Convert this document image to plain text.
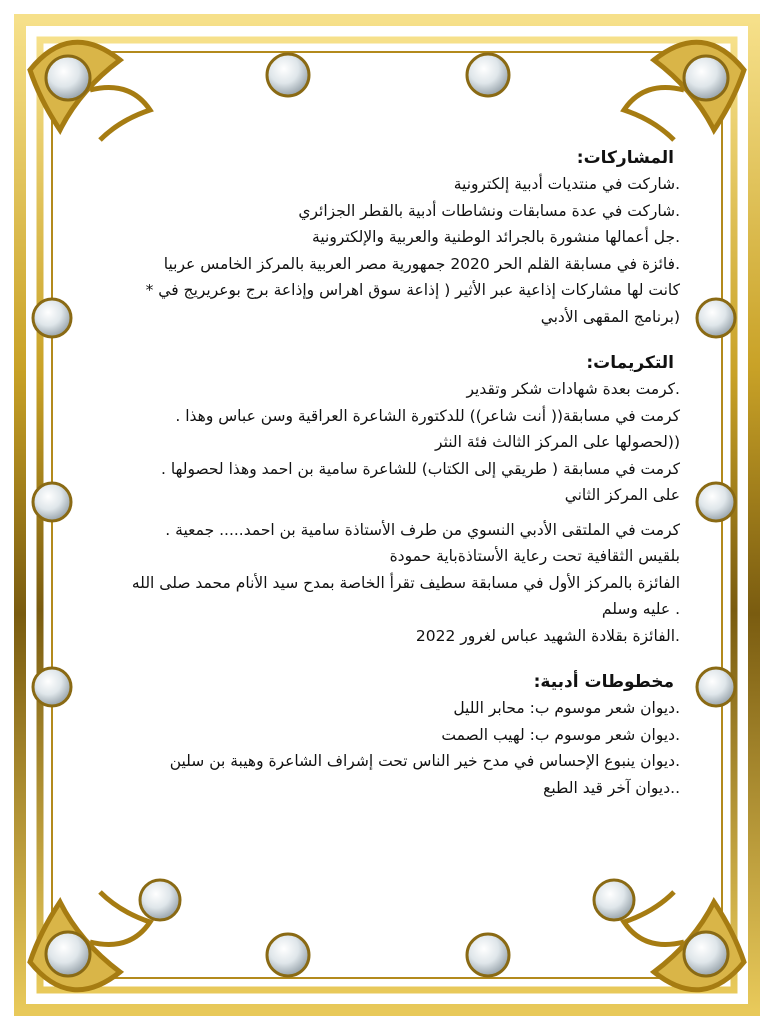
المشاركات:

.شاركت في منتديات أدبية إلكترونية

.شاركت في عدة مسابقات ونشاطات أدبية بالقطر الجزائري

.جل أعمالها منشورة بالجرائد الوطنية والعربية والإلكترونية

.فائزة في مسابقة القلم الحر 2020 جمهورية مصر العربية بالمركز الخامس عربيا

كانت لها مشاركات إذاعية عبر الأثير ( إذاعة سوق اهراس وإذاعة برج بوعريريج في *

(برنامج المقهى الأدبي

التكريمات:

.كرمت بعدة شهادات شكر وتقدير

كرمت في مسابقة(( أنت شاعر)) للدكتورة الشاعرة العراقية وسن عباس وهذا .

((لحصولها على المركز الثالث فئة النثر

كرمت في مسابقة ( طريقي إلى الكتاب) للشاعرة سامية بن احمد وهذا لحصولها .

على المركز الثاني

كرمت في الملتقى الأدبي النسوي من طرف الأستاذة سامية بن احمد..... جمعية .

بلقيس الثقافية تحت رعاية الأستاذةباية حمودة

الفائزة بالمركز الأول في مسابقة سطيف تقرأ الخاصة بمدح سيد الأنام محمد صلى الله

. عليه وسلم

.الفائزة بقلادة الشهيد عباس لغرور 2022

مخطوطات أدبية:

.ديوان شعر موسوم ب: محابر الليل

.ديوان شعر موسوم ب: لهيب الصمت

.ديوان ينبوع الإحساس في مدح خير الناس تحت إشراف الشاعرة وهيبة بن سلين

..ديوان آخر قيد الطبع
